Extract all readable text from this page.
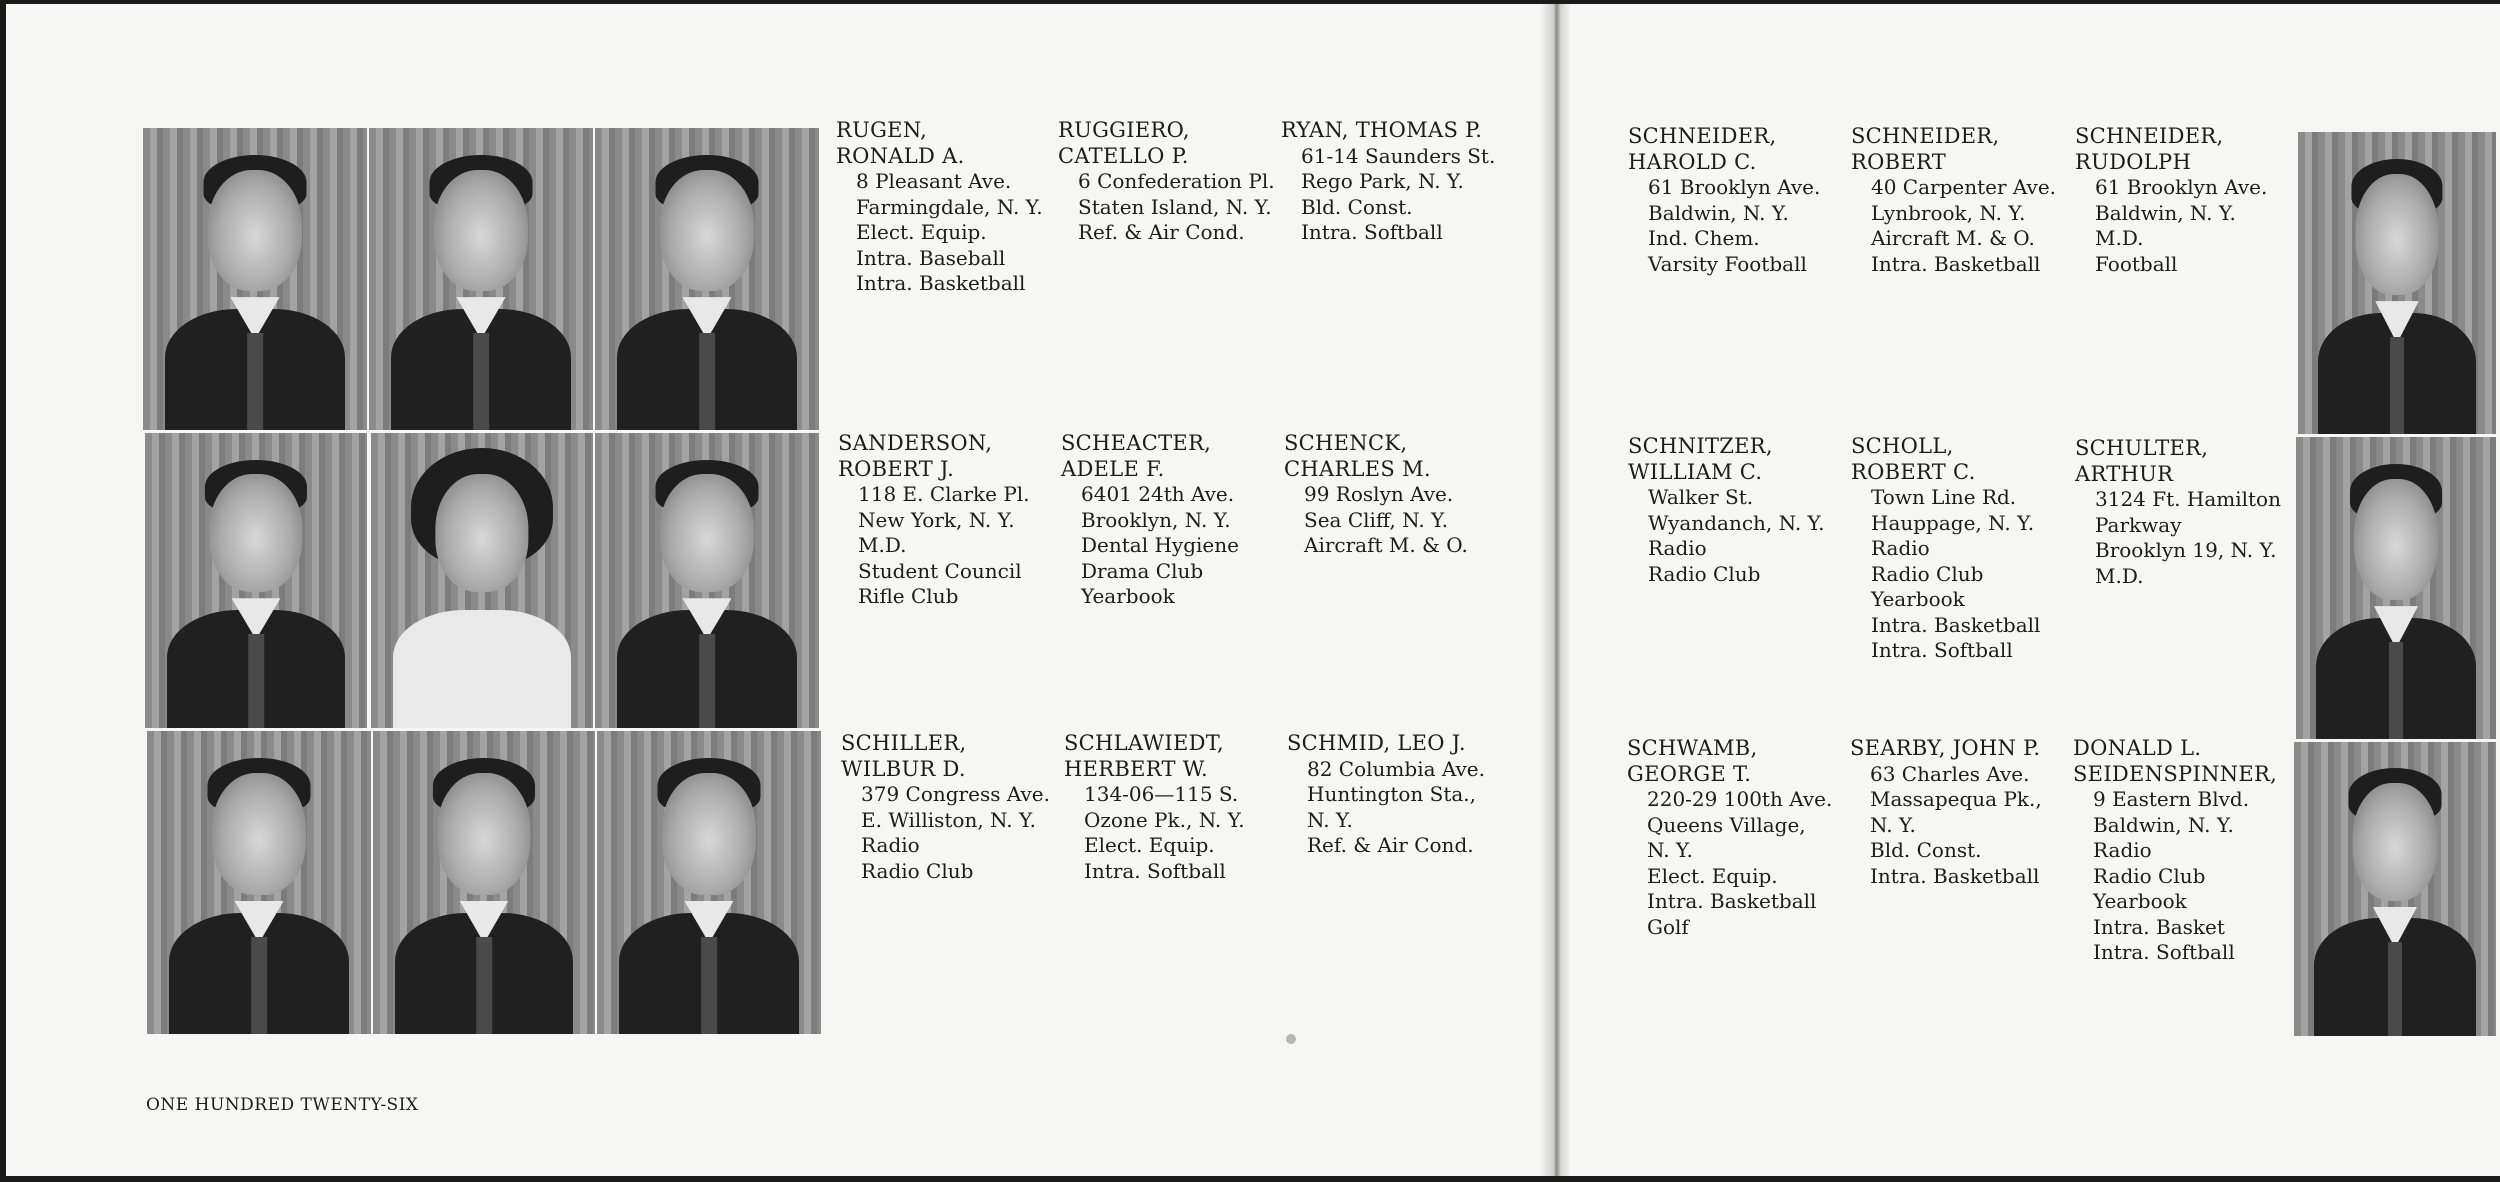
RUGEN,
RONALD A.
8 Pleasant Ave.
Farmingdale, N. Y.
Elect. Equip.
Intra. Baseball
Intra. Basketball
RUGGIERO,
CATELLO P.
6 Confederation Pl.
Staten Island, N. Y.
Ref. & Air Cond.
RYAN, THOMAS P.
61-14 Saunders St.
Rego Park, N. Y.
Bld. Const.
Intra. Softball
SANDERSON,
ROBERT J.
118 E. Clarke Pl.
New York, N. Y.
M.D.
Student Council
Rifle Club
SCHEACTER,
ADELE F.
6401 24th Ave.
Brooklyn, N. Y.
Dental Hygiene
Drama Club
Yearbook
SCHENCK,
CHARLES M.
99 Roslyn Ave.
Sea Cliff, N. Y.
Aircraft M. & O.
SCHILLER,
WILBUR D.
379 Congress Ave.
E. Williston, N. Y.
Radio
Radio Club
SCHLAWIEDT,
HERBERT W.
134-06—115 S.
Ozone Pk., N. Y.
Elect. Equip.
Intra. Softball
SCHMID, LEO J.
82 Columbia Ave.
Huntington Sta.,
N. Y.
Ref. & Air Cond.
SCHNEIDER,
HAROLD C.
61 Brooklyn Ave.
Baldwin, N. Y.
Ind. Chem.
Varsity Football
SCHNEIDER,
ROBERT
40 Carpenter Ave.
Lynbrook, N. Y.
Aircraft M. & O.
Intra. Basketball
SCHNEIDER,
RUDOLPH
61 Brooklyn Ave.
Baldwin, N. Y.
M.D.
Football
SCHNITZER,
WILLIAM C.
Walker St.
Wyandanch, N. Y.
Radio
Radio Club
SCHOLL,
ROBERT C.
Town Line Rd.
Hauppage, N. Y.
Radio
Radio Club
Yearbook
Intra. Basketball
Intra. Softball
SCHULTER,
ARTHUR
3124 Ft. Hamilton
Parkway
Brooklyn 19, N. Y.
M.D.
SCHWAMB,
GEORGE T.
220-29 100th Ave.
Queens Village,
N. Y.
Elect. Equip.
Intra. Basketball
Golf
SEARBY, JOHN P.
63 Charles Ave.
Massapequa Pk.,
N. Y.
Bld. Const.
Intra. Basketball
DONALD L.
SEIDENSPINNER,
9 Eastern Blvd.
Baldwin, N. Y.
Radio
Radio Club
Yearbook
Intra. Basket
Intra. Softball
ONE HUNDRED TWENTY-SIX
